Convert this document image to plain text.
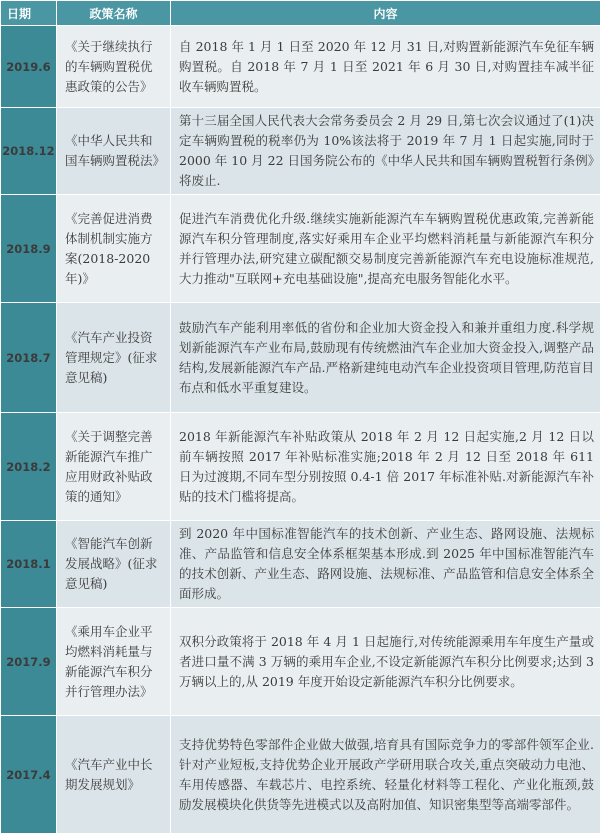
日期	政策名称	内容
2019.6	《关于继续执行的车辆购置税优惠政策的公告》	自 2018 年 1 月 1 日至 2020 年 12 月 31 日,对购置新能源汽车免征车辆购置税。自 2018 年 7 月 1 日至 2021 年 6 月 30 日,对购置挂车减半征收车辆购置税。
2018.12	《中华人民共和国车辆购置税法》	第十三届全国人民代表大会常务委员会 2 月 29 日,第七次会议通过了(1)决定车辆购置税的税率仍为 10%该法将于 2019 年 7 月 1 日起实施,同时于 2000 年 10 月 22 日国务院公布的《中华人民共和国车辆购置税暂行条例》将废止.
2018.9	《完善促进消费体制机制实施方案(2018-2020 年)》	促进汽车消费优化升级.继续实施新能源汽车车辆购置税优惠政策,完善新能源汽车积分管理制度,落实好乘用车企业平均燃料消耗量与新能源汽车积分并行管理办法,研究建立碳配额交易制度完善新能源汽车充电设施标准规范,大力推动"互联网+充电基础设施",提高充电服务智能化水平。
2018.7	《汽车产业投资管理规定》(征求意见稿)	鼓励汽车产能利用率低的省份和企业加大资金投入和兼并重组力度.科学规划新能源汽车产业布局,鼓励现有传统燃油汽车企业加大资金投入,调整产品结构,发展新能源汽车产品.严格新建纯电动汽车企业投资项目管理,防范盲目布点和低水平重复建设。
2018.2	《关于调整完善新能源汽车推广应用财政补贴政策的通知》	2018 年新能源汽车补贴政策从 2018 年 2 月 12 日起实施,2 月 12 日以前车辆按照 2017 年补贴标准实施;2018 年 2 月 12 日至 2018 年 611 日为过渡期,不同车型分别按照 0.4-1 倍 2017 年标准补贴.对新能源汽车补贴的技术门槛将提高。
2018.1	《智能汽车创新发展战略》(征求意见稿)	到 2020 年中国标准智能汽车的技术创新、产业生态、路网设施、法规标准、产品监管和信息安全体系框架基本形成.到 2025 年中国标准智能汽车的技术创新、产业生态、路网设施、法规标准、产品监管和信息安全体系全面形成。
2017.9	《乘用车企业平均燃料消耗量与新能源汽车积分并行管理办法》	双积分政策将于 2018 年 4 月 1 日起施行,对传统能源乘用车年度生产量或者进口量不满 3 万辆的乘用车企业,不设定新能源汽车积分比例要求;达到 3 万辆以上的,从 2019 年度开始设定新能源汽车积分比例要求。
2017.4	《汽车产业中长期发展规划》	支持优势特色零部件企业做大做强,培育具有国际竞争力的零部件领军企业.针对产业短板,支持优势企业开展政产学研用联合攻关,重点突破动力电池、车用传感器、车载芯片、电控系统、轻量化材料等工程化、产业化瓶颈,鼓励发展模块化供货等先进模式以及高附加值、知识密集型等高端零部件。
